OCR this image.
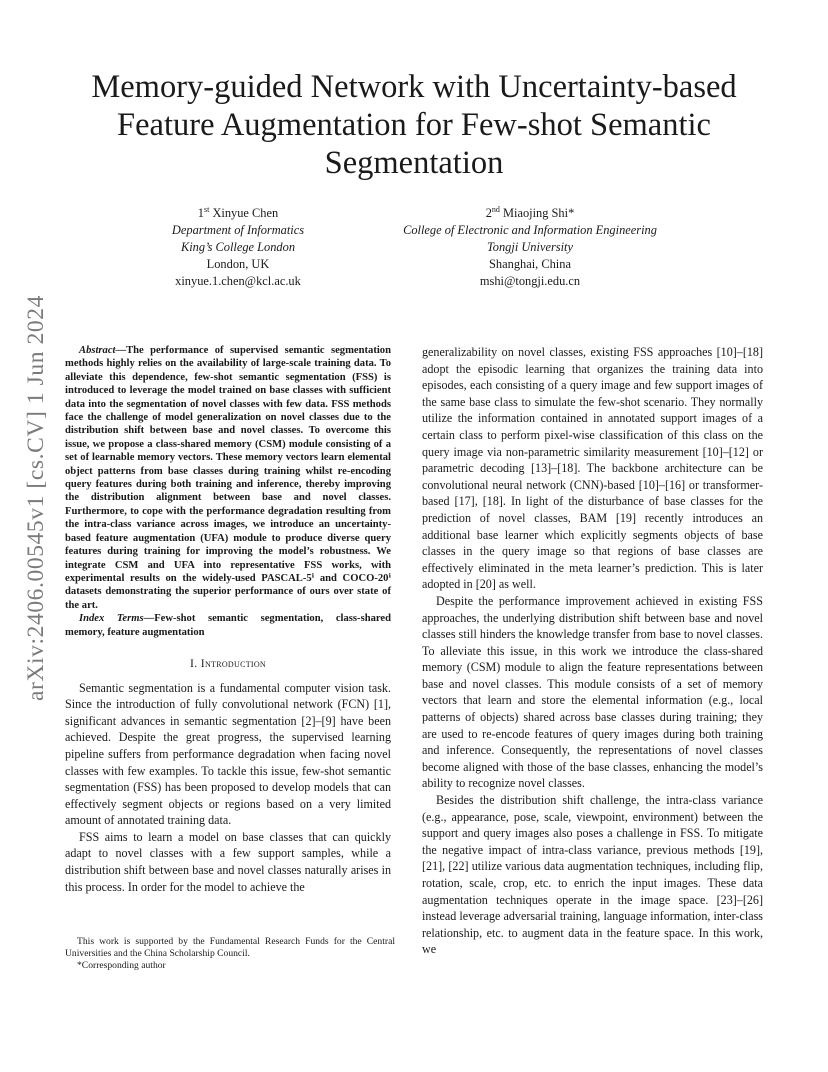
arXiv:2406.00545v1 [cs.CV] 1 Jun 2024
Memory-guided Network with Uncertainty-based
Feature Augmentation for Few-shot Semantic
Segmentation
1st Xinyue Chen
Department of Informatics
King’s College London
London, UK
xinyue.1.chen@kcl.ac.uk
2nd Miaojing Shi*
College of Electronic and Information Engineering
Tongji University
Shanghai, China
mshi@tongji.edu.cn

Abstract—The performance of supervised semantic segmentation methods highly relies on the availability of large-scale training data. To alleviate this dependence, few-shot semantic segmentation (FSS) is introduced to leverage the model trained on base classes with sufficient data into the segmentation of novel classes with few data. FSS methods face the challenge of model generalization on novel classes due to the distribution shift between base and novel classes. To overcome this issue, we propose a class-shared memory (CSM) module consisting of a set of learnable memory vectors. These memory vectors learn elemental object patterns from base classes during training whilst re-encoding query features during both training and inference, thereby improving the distribution alignment between base and novel classes. Furthermore, to cope with the performance degradation resulting from the intra-class variance across images, we introduce an uncertainty-based feature augmentation (UFA) module to produce diverse query features during training for improving the model’s robustness. We integrate CSM and UFA into representative FSS works, with experimental results on the widely-used PASCAL-5ⁱ and COCO-20ⁱ datasets demonstrating the superior performance of ours over state of the art.

Index Terms—Few-shot semantic segmentation, class-shared memory, feature augmentation

I. Introduction

Semantic segmentation is a fundamental computer vision task. Since the introduction of fully convolutional network (FCN) [1], significant advances in semantic segmentation [2]–[9] have been achieved. Despite the great progress, the supervised learning pipeline suffers from performance degradation when facing novel classes with few examples. To tackle this issue, few-shot semantic segmentation (FSS) has been proposed to develop models that can effectively segment objects or regions based on a very limited amount of annotated training data.

FSS aims to learn a model on base classes that can quickly adapt to novel classes with a few support samples, while a distribution shift between base and novel classes naturally arises in this process. In order for the model to achieve the

This work is supported by the Fundamental Research Funds for the Central Universities and the China Scholarship Council.

*Corresponding author

generalizability on novel classes, existing FSS approaches [10]–[18] adopt the episodic learning that organizes the training data into episodes, each consisting of a query image and few support images of the same base class to simulate the few-shot scenario. They normally utilize the information contained in annotated support images of a certain class to perform pixel-wise classification of this class on the query image via non-parametric similarity measurement [10]–[12] or parametric decoding [13]–[18]. The backbone architecture can be convolutional neural network (CNN)-based [10]–[16] or transformer-based [17], [18]. In light of the disturbance of base classes for the prediction of novel classes, BAM [19] recently introduces an additional base learner which explicitly segments objects of base classes in the query image so that regions of base classes are effectively eliminated in the meta learner’s prediction. This is later adopted in [20] as well.

Despite the performance improvement achieved in existing FSS approaches, the underlying distribution shift between base and novel classes still hinders the knowledge transfer from base to novel classes. To alleviate this issue, in this work we introduce the class-shared memory (CSM) module to align the feature representations between base and novel classes. This module consists of a set of memory vectors that learn and store the elemental information (e.g., local patterns of objects) shared across base classes during training; they are used to re-encode features of query images during both training and inference. Consequently, the representations of novel classes become aligned with those of the base classes, enhancing the model’s ability to recognize novel classes.

Besides the distribution shift challenge, the intra-class variance (e.g., appearance, pose, scale, viewpoint, environment) between the support and query images also poses a challenge in FSS. To mitigate the negative impact of intra-class variance, previous methods [19], [21], [22] utilize various data augmentation techniques, including flip, rotation, scale, crop, etc. to enrich the input images. These data augmentation techniques operate in the image space. [23]–[26] instead leverage adversarial training, language information, inter-class relationship, etc. to augment data in the feature space. In this work, we
